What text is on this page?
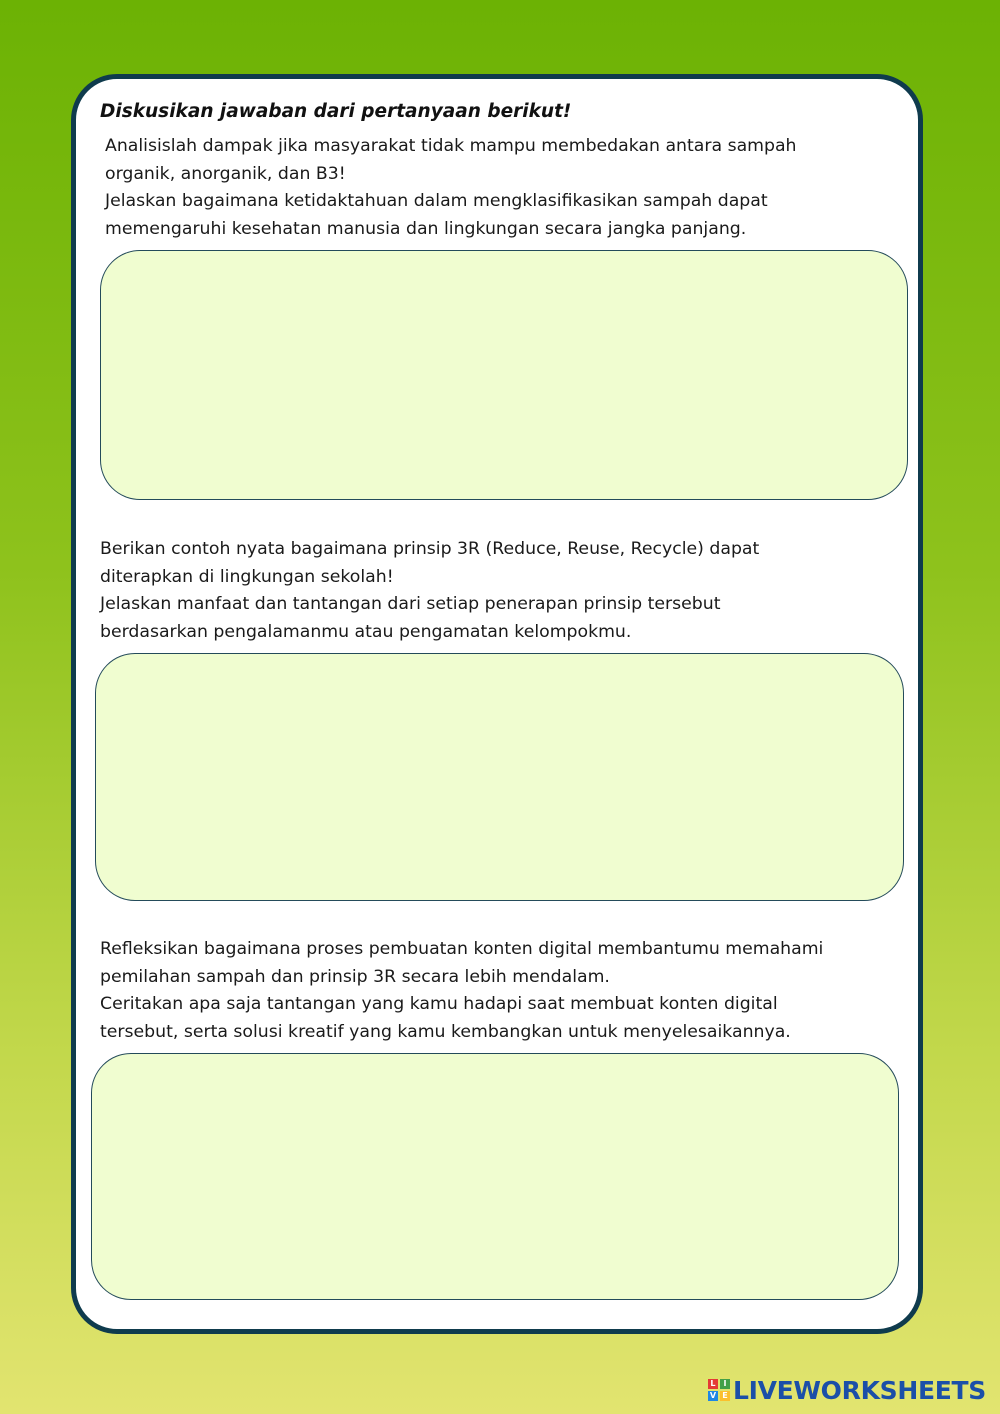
Diskusikan jawaban dari pertanyaan berikut!
Analisislah dampak jika masyarakat tidak mampu membedakan antara sampah
organik, anorganik, dan B3!
Jelaskan bagaimana ketidaktahuan dalam mengklasifikasikan sampah dapat
memengaruhi kesehatan manusia dan lingkungan secara jangka panjang.
Berikan contoh nyata bagaimana prinsip 3R (Reduce, Reuse, Recycle) dapat
diterapkan di lingkungan sekolah!
Jelaskan manfaat dan tantangan dari setiap penerapan prinsip tersebut
berdasarkan pengalamanmu atau pengamatan kelompokmu.
Refleksikan bagaimana proses pembuatan konten digital membantumu memahami
pemilahan sampah dan prinsip 3R secara lebih mendalam.
Ceritakan apa saja tantangan yang kamu hadapi saat membuat konten digital
tersebut, serta solusi kreatif yang kamu kembangkan untuk menyelesaikannya.
L I
V E LIVEWORKSHEETS
